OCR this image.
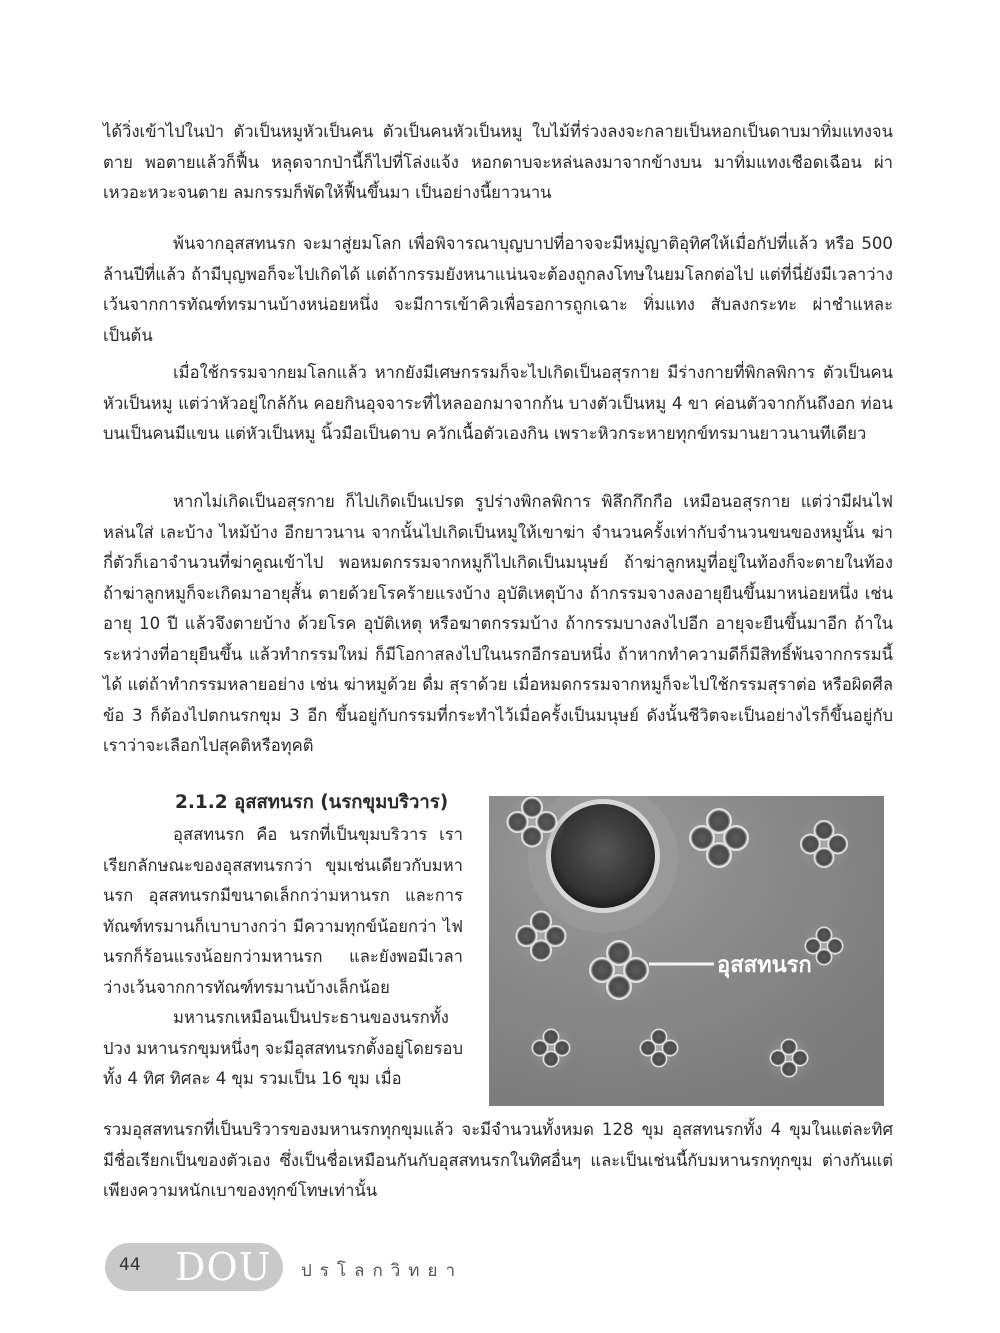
ได้วิ่งเข้าไปในป่า ตัวเป็นหมูหัวเป็นคน ตัวเป็นคนหัวเป็นหมู ใบไม้ที่ร่วงลงจะกลายเป็นหอกเป็นดาบมาทิ่มแทงจนตาย พอตายแล้วก็ฟื้น หลุดจากป่านี้ก็ไปที่โล่งแจ้ง หอกดาบจะหล่นลงมาจากข้างบน มาทิ่มแทงเชือดเฉือน ผ่าเหวอะหวะจนตาย ลมกรรมก็พัดให้ฟื้นขึ้นมา เป็นอย่างนี้ยาวนาน

พ้นจากอุสสทนรก จะมาสู่ยมโลก เพื่อพิจารณาบุญบาปที่อาจจะมีหมู่ญาติอุทิศให้เมื่อกัปที่แล้ว หรือ 500 ล้านปีที่แล้ว ถ้ามีบุญพอก็จะไปเกิดได้ แต่ถ้ากรรมยังหนาแน่นจะต้องถูกลงโทษในยมโลกต่อไป แต่ที่นี่ยังมีเวลาว่างเว้นจากการทัณฑ์ทรมานบ้างหน่อยหนึ่ง จะมีการเข้าคิวเพื่อรอการถูกเฉาะ ทิ่มแทง สับลงกระทะ ผ่าชำแหละ เป็นต้น

เมื่อใช้กรรมจากยมโลกแล้ว หากยังมีเศษกรรมก็จะไปเกิดเป็นอสุรกาย มีร่างกายที่พิกลพิการ ตัวเป็นคนหัวเป็นหมู แต่ว่าหัวอยู่ใกล้ก้น คอยกินอุจจาระที่ไหลออกมาจากก้น บางตัวเป็นหมู 4 ขา ค่อนตัวจากก้นถึงอก ท่อนบนเป็นคนมีแขน แต่หัวเป็นหมู นิ้วมือเป็นดาบ ควักเนื้อตัวเองกิน เพราะหิวกระหายทุกข์ทรมานยาวนานทีเดียว

หากไม่เกิดเป็นอสุรกาย ก็ไปเกิดเป็นเปรต รูปร่างพิกลพิการ พิลึกกึกกือ เหมือนอสุรกาย แต่ว่ามีฝนไฟหล่นใส่ เละบ้าง ไหม้บ้าง อีกยาวนาน จากนั้นไปเกิดเป็นหมูให้เขาฆ่า จำนวนครั้งเท่ากับจำนวนขนของหมูนั้น ฆ่ากี่ตัวก็เอาจำนวนที่ฆ่าคูณเข้าไป พอหมดกรรมจากหมูก็ไปเกิดเป็นมนุษย์ ถ้าฆ่าลูกหมูที่อยู่ในท้องก็จะตายในท้อง ถ้าฆ่าลูกหมูก็จะเกิดมาอายุสั้น ตายด้วยโรคร้ายแรงบ้าง อุบัติเหตุบ้าง ถ้ากรรมจางลงอายุยืนขึ้นมาหน่อยหนึ่ง เช่น อายุ 10 ปี แล้วจึงตายบ้าง ด้วยโรค อุบัติเหตุ หรือฆาตกรรมบ้าง ถ้ากรรมบางลงไปอีก อายุจะยืนขึ้นมาอีก ถ้าในระหว่างที่อายุยืนขึ้น แล้วทำกรรมใหม่ ก็มีโอกาสลงไปในนรกอีกรอบหนึ่ง ถ้าหากทำความดีก็มีสิทธิ์พ้นจากกรรมนี้ได้ แต่ถ้าทำกรรมหลายอย่าง เช่น ฆ่าหมูด้วย ดื่ม สุราด้วย เมื่อหมดกรรมจากหมูก็จะไปใช้กรรมสุราต่อ หรือผิดศีลข้อ 3 ก็ต้องไปตกนรกขุม 3 อีก ขึ้นอยู่กับกรรมที่กระทำไว้เมื่อครั้งเป็นมนุษย์ ดังนั้นชีวิตจะเป็นอย่างไรก็ขึ้นอยู่กับเราว่าจะเลือกไปสุคติหรือทุคติ

2.1.2 อุสสทนรก (นรกขุมบริวาร)

อุสสทนรก คือ นรกที่เป็นขุมบริวาร เราเรียกลักษณะของอุสสทนรกว่า ขุมเช่นเดียวกับมหานรก อุสสทนรกมีขนาดเล็กกว่ามหานรก และการทัณฑ์ทรมานก็เบาบางกว่า มีความทุกข์น้อยกว่า ไฟนรกก็ร้อนแรงน้อยกว่ามหานรก และยังพอมีเวลาว่างเว้นจากการทัณฑ์ทรมานบ้างเล็กน้อย

มหานรกเหมือนเป็นประธานของนรกทั้งปวง มหานรกขุมหนึ่งๆ จะมีอุสสทนรกตั้งอยู่โดยรอบทั้ง 4 ทิศ ทิศละ 4 ขุม รวมเป็น 16 ขุม เมื่อ

อุสสทนรก

รวมอุสสทนรกที่เป็นบริวารของมหานรกทุกขุมแล้ว จะมีจำนวนทั้งหมด 128 ขุม อุสสทนรกทั้ง 4 ขุมในแต่ละทิศ มีชื่อเรียกเป็นของตัวเอง ซึ่งเป็นชื่อเหมือนกันกับอุสสทนรกในทิศอื่นๆ และเป็นเช่นนี้กับมหานรกทุกขุม ต่างกันแต่เพียงความหนักเบาของทุกข์โทษเท่านั้น

44 DOU ปรโลกวิทยา
